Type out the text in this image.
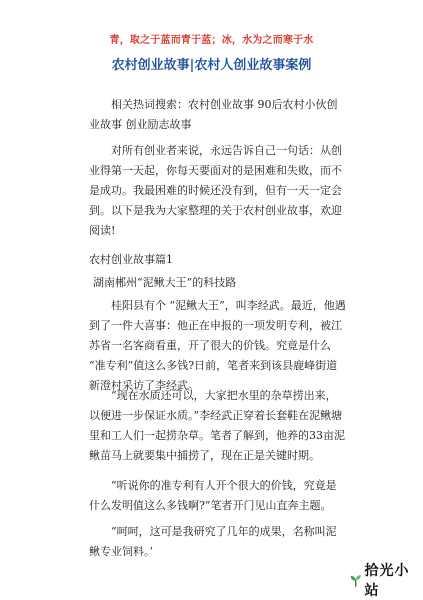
青，取之于蓝而青于蓝；冰，水为之而寒于水
农村创业故事|农村人创业故事案例
相关热词搜索：农村创业故事 90后农村小伙创业故事 创业励志故事
对所有创业者来说，永远告诉自己一句话：从创业得第一天起，你每天要面对的是困难和失败，而不是成功。我最困难的时候还没有到，但有一天一定会到。以下是我为大家整理的关于农村创业故事，欢迎阅读!
农村创业故事篇1
湖南郴州“泥鳅大王”的科技路
桂阳县有个 “泥鳅大王”，叫李经武。最近，他遇到了一件大喜事：他正在申报的一项发明专利，被江苏省一名客商看重，开了很大的价钱。究竟是什么 “准专利”值这么多钱?日前，笔者来到该县鹿峰街道新澄村采访了李经武。
“现在水质还可以，大家把水里的杂草捞出来，以便进一步保证水质。”李经武正穿着长套鞋在泥鳅塘里和工人们一起捞杂草。笔者了解到，他养的33亩泥鳅苗马上就要集中捕捞了，现在正是关键时期。
“听说你的准专利有人开个很大的价钱，究竟是什么发明值这么多钱啊?”笔者开门见山直奔主题。
“呵呵，这可是我研究了几年的成果，名称叫泥鳅专业饲料。’
拾光小站
